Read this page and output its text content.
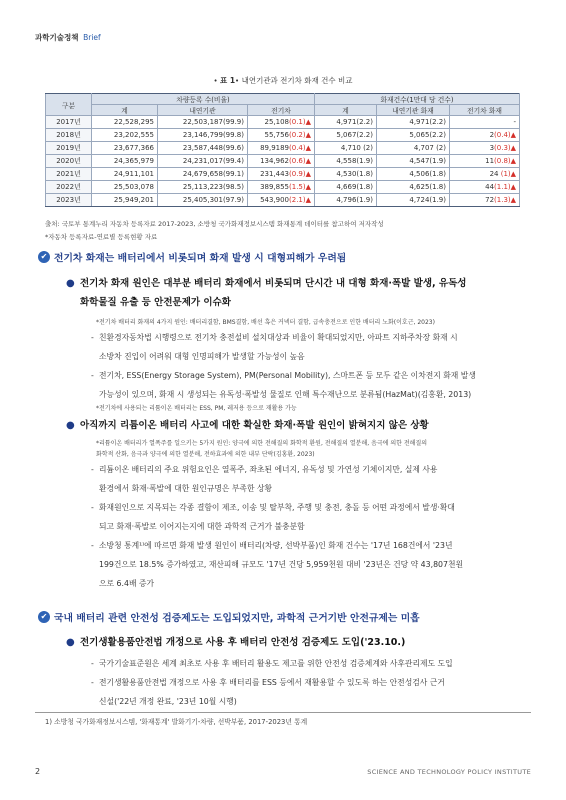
과학기술정책 Brief
• 표 1• 내연기관과 전기차 화재 건수 비교
구분	차량등록 수(비율)			화재건수(1만대 당 건수)		
	계	내연기관	전기차	계	내연기관 화재	전기차 화재
2017년	22,528,295	22,503,187(99.9)	25,108(0.1)▲	4,971(2.2)	4,971(2.2)	-
2018년	23,202,555	23,146,799(99.8)	55,756(0.2)▲	5,067(2.2)	5,065(2.2)	2(0.4)▲
2019년	23,677,366	23,587,448(99.6)	89,9189(0.4)▲	4,710 (2)	4,707 (2)	3(0.3)▲
2020년	24,365,979	24,231,017(99.4)	134,962(0.6)▲	4,558(1.9)	4,547(1.9)	11(0.8)▲
2021년	24,911,101	24,679,658(99.1)	231,443(0.9)▲	4,530(1.8)	4,506(1.8)	24 (1)▲
2022년	25,503,078	25,113,223(98.5)	389,855(1.5)▲	4,669(1.8)	4,625(1.8)	44(1.1)▲
2023년	25,949,201	25,405,301(97.9)	543,900(2.1)▲	4,796(1.9)	4,724(1.9)	72(1.3)▲
출처: 국토부 통계누리 자동차 등록자료 2017-2023, 소방청 국가화재정보시스템 화재통계 데이터를 참고하여 저자작성
*자동차 등록자료-연료별 등록현황 자료
✔ 전기차 화재는 배터리에서 비롯되며 화재 발생 시 대형피해가 우려됨
● 전기차 화재 원인은 대부분 배터리 화재에서 비롯되며 단시간 내 대형 화재·폭발 발생, 유독성
화학물질 유출 등 안전문제가 이슈화
*전기차 배터리 화재의 4가지 원인: 배터리결함, BMS결함, 배선 혹은 커넥터 결함, 급속충전으로 인한 배터리 노화(이호근, 2023)
- 친환경자동차법 시행령으로 전기차 충전설비 설치대상과 비율이 확대되었지만, 아파트 지하주차장 화재 시
소방차 진입이 어려워 대형 인명피해가 발생할 가능성이 높음
- 전기차, ESS(Energy Storage System), PM(Personal Mobility), 스마트폰 등 모두 같은 이차전지 화재 발생
가능성이 있으며, 화재 시 생성되는 유독성·폭발성 물질로 인해 특수재난으로 분류됨(HazMat)(김홍환, 2013)
*전기차에 사용되는 리튬이온 배터리는 ESS, PM, 레저용 등으로 재활용 가능
● 아직까지 리튬이온 배터리 사고에 대한 확실한 화재·폭발 원인이 밝혀지지 않은 상황
*리튬이온 배터리가 열폭주를 일으키는 5가지 원인: 양극에 의한 전해질의 화학적 환원, 전해질의 열분해, 음극에 의한 전해질의
화학적 산화, 음극과 양극에 의한 열분해, 전하효과에 의한 내부 단락(김홍환, 2023)
- 리튬이온 배터리의 주요 위험요인은 열폭주, 좌초된 에너지, 유독성 및 가연성 기체이지만, 실제 사용
환경에서 화재·폭발에 대한 원인규명은 부족한 상황
- 화재원인으로 지목되는 각종 결함이 제조, 이송 및 탈부착, 주행 및 충전, 충돌 등 어떤 과정에서 발생·확대
되고 화재·폭발로 이어지는지에 대한 과학적 근거가 불충분함
- 소방청 통계¹⁾에 따르면 화재 발생 원인이 배터리(차량, 선박부품)인 화재 건수는 '17년 168건에서 '23년
199건으로 18.5% 증가하였고, 재산피해 규모도 '17년 건당 5,959천원 대비 '23년은 건당 약 43,807천원
으로 6.4배 증가
✔ 국내 배터리 관련 안전성 검증제도는 도입되었지만, 과학적 근거기반 안전규제는 미흡
● 전기생활용품안전법 개정으로 사용 후 배터리 안전성 검증제도 도입('23.10.)
- 국가기술표준원은 세계 최초로 사용 후 배터리 활용도 제고를 위한 안전성 검증체계와 사후관리제도 도입
- 전기생활용품안전법 개정으로 사용 후 배터리를 ESS 등에서 재활용할 수 있도록 하는 안전성검사 근거
신설('22년 개정 완료, '23년 10월 시행)
1) 소방청 국가화재정보시스템, '화재통계' 발화기기-차량, 선박부품, 2017-2023년 통계
2	SCIENCE AND TECHNOLOGY POLICY INSTITUTE
